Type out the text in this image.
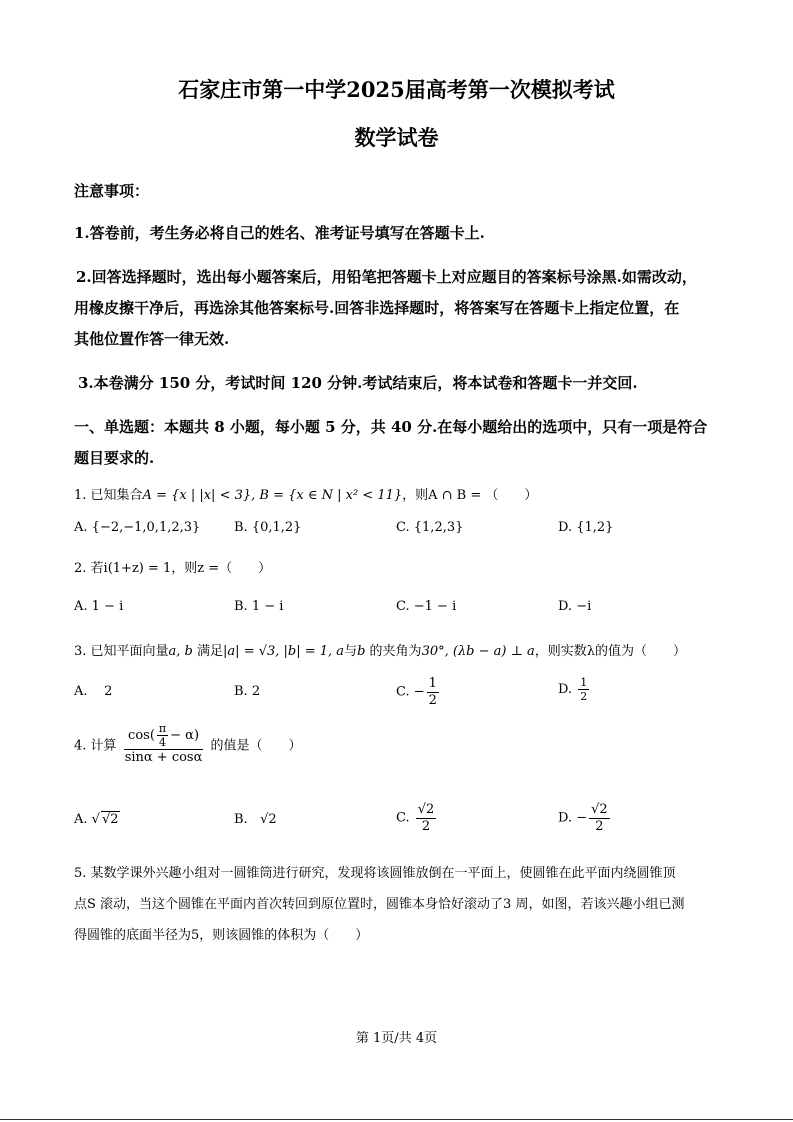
石家庄市第一中学2025届高考第一次模拟考试
数学试卷
注意事项：
1.答卷前，考生务必将自己的姓名、准考证号填写在答题卡上.
2.回答选择题时，选出每小题答案后，用铅笔把答题卡上对应题目的答案标号涂黑.如需改动，
用橡皮擦干净后，再选涂其他答案标号.回答非选择题时，将答案写在答题卡上指定位置，在
其他位置作答一律无效.
3.本卷满分 150 分，考试时间 120 分钟.考试结束后，将本试卷和答题卡一并交回.
一、单选题：本题共 8 小题，每小题 5 分，共 40 分.在每小题给出的选项中，只有一项是符合
题目要求的.
1. 已知集合A = {x | |x| < 3}, B = {x ∈ N | x² < 11}，则A ∩ B = （　　）
A. {−2,−1,0,1,2,3}	B. {0,1,2}	C. {1,2,3}	D. {1,2}
2. 若i(1+z) = 1，则z =（　　）
A. 1 − i	B. 1 − i	C. −1 − i	D. −i
3. 已知平面向量a, b 满足|a| = √3, |b| = 1, a与b 的夹角为30°, (λb − a) ⊥ a，则实数λ的值为（　　）
A. 2	B. 2	C. − $\frac{1}{2}$	D. $\frac{1}{2}$
4. 计算 $\frac{\cos( \frac{\pi}{4} - \alpha)}{\sin\alpha + \cos\alpha}$ 的值是（　　）
A. √ √2	B. √2	C. $\frac{√2}{2}$	D. − $\frac{√2}{2}$
5. 某数学课外兴趣小组对一圆锥筒进行研究，发现将该圆锥放倒在一平面上，使圆锥在此平面内绕圆锥顶
点S 滚动，当这个圆锥在平面内首次转回到原位置时，圆锥本身恰好滚动了3 周，如图，若该兴趣小组已测
得圆锥的底面半径为5，则该圆锥的体积为（　　）
第 1页/共 4页
